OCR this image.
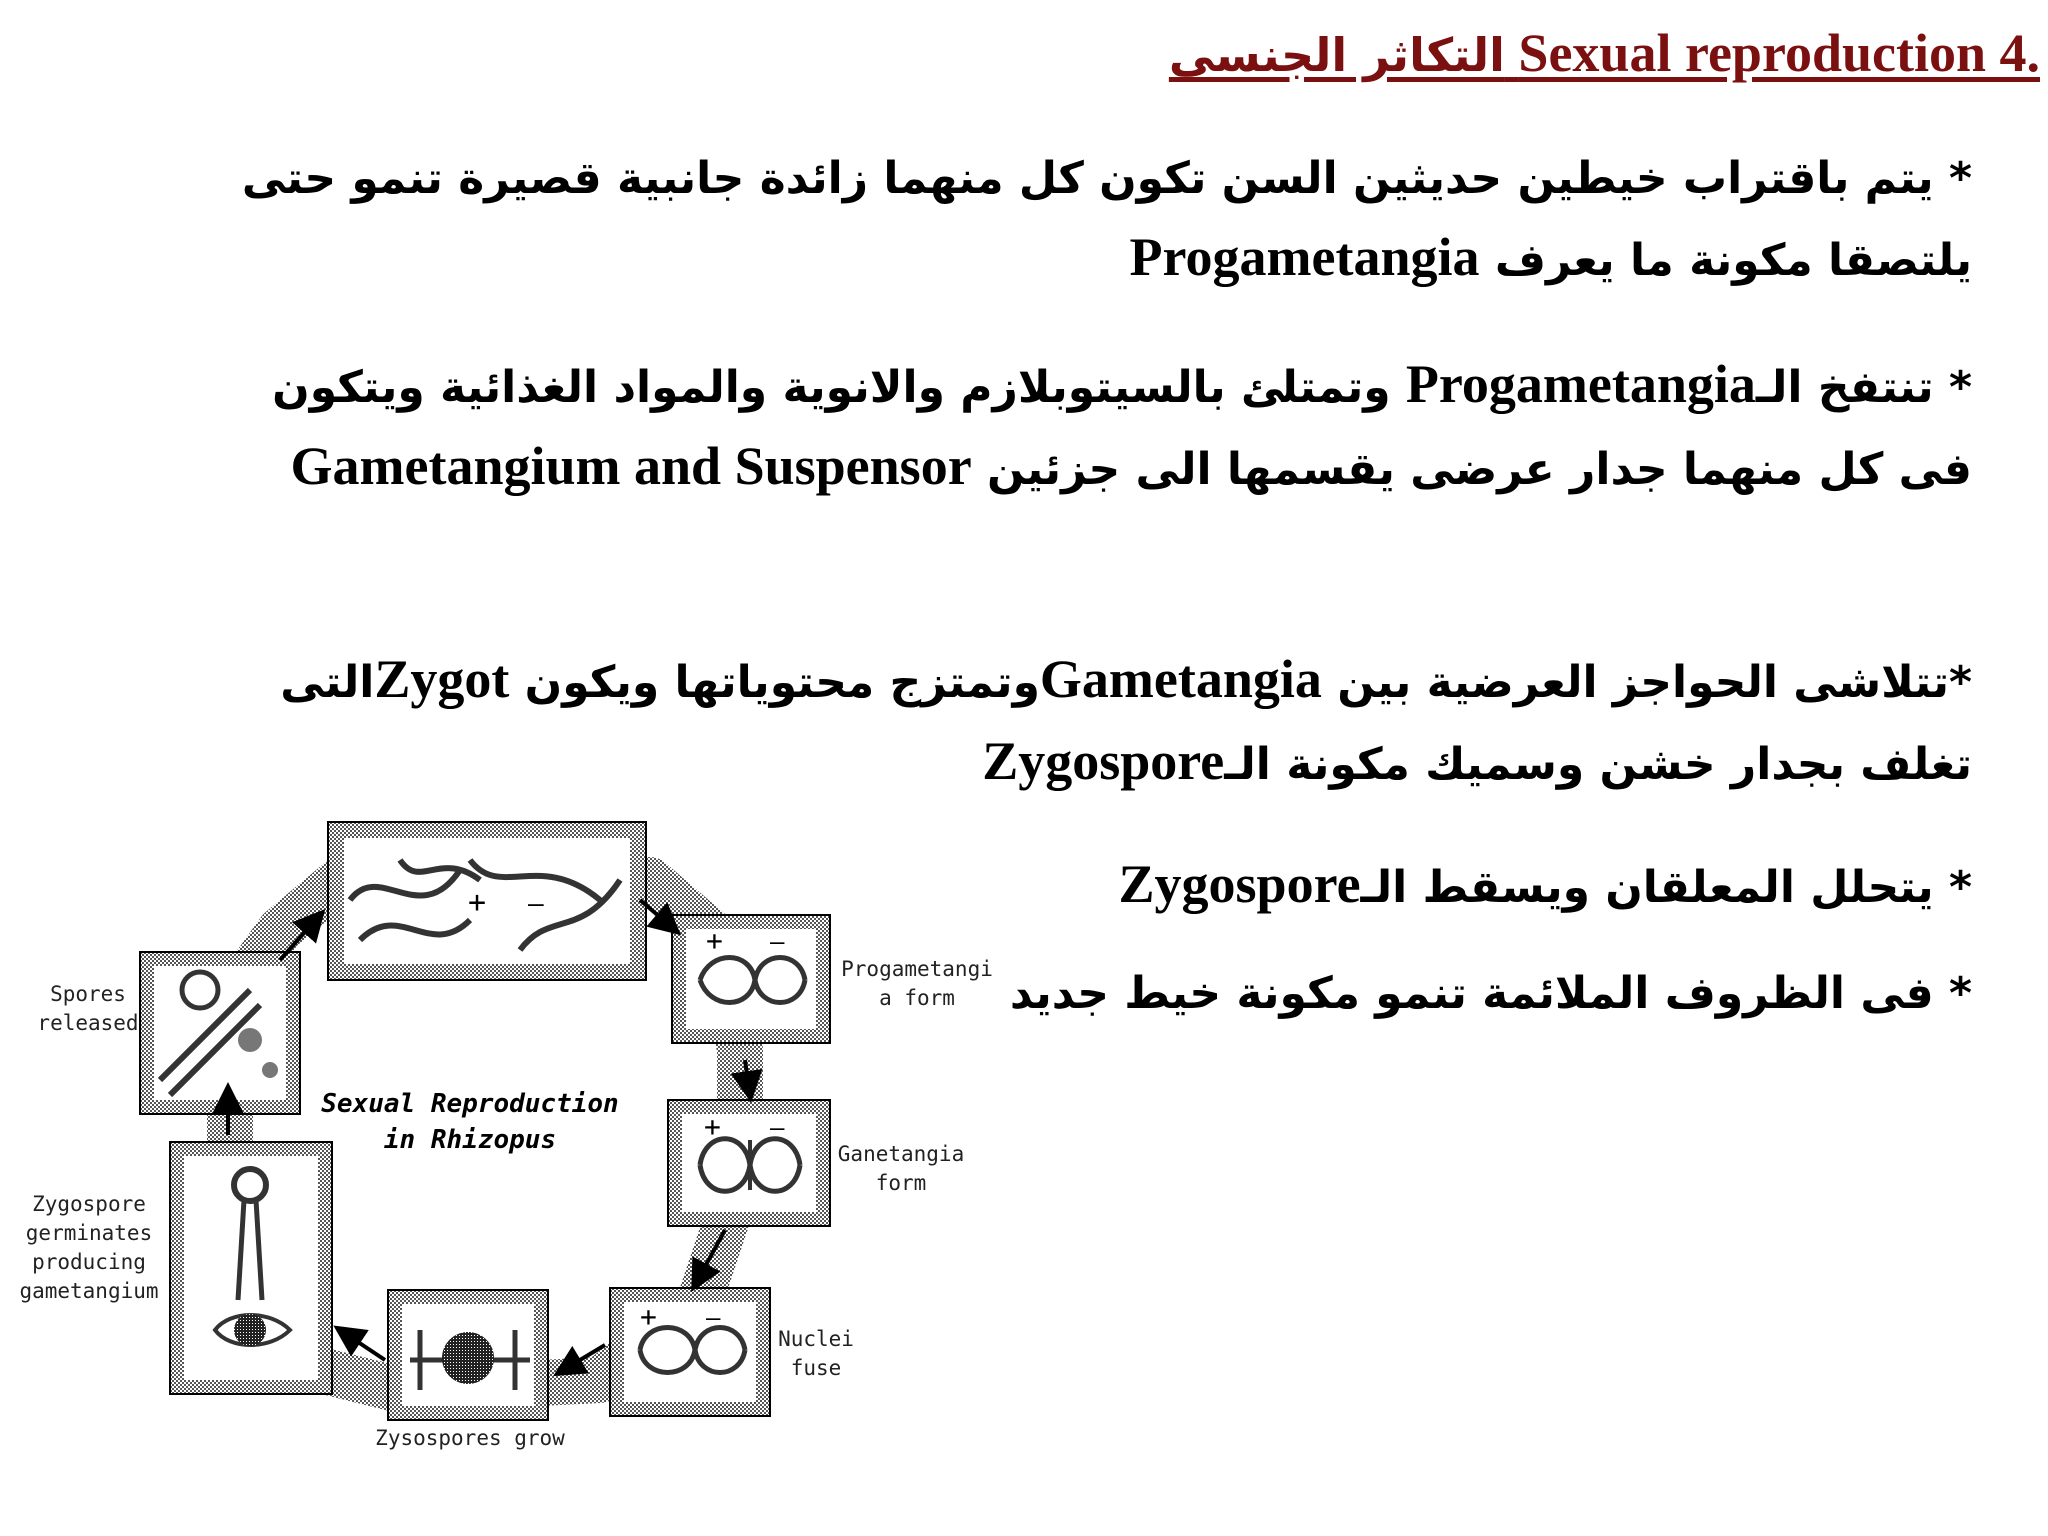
التكاثر الجنسى Sexual reproduction 4.
* يتم باقتراب خيطين حديثين السن تكون كل منهما زائدة جانبية قصيرة تنمو حتى يلتصقا مكونة ما يعرف Progametangia
* تنتفخ الـProgametangia وتمتلئ بالسيتوبلازم والانوية والمواد الغذائية ويتكون فى كل منهما جدار عرضى يقسمها الى جزئين Gametangium and Suspensor
*تتلاشى الحواجز العرضية بين Gametangiaوتمتزج محتوياتها ويكون Zygotالتى تغلف بجدار خشن وسميك مكونة الـZygospore
* يتحلل المعلقان ويسقط الـZygospore
* فى الظروف الملائمة تنمو مكونة خيط جديد
+ –
+ –
+ –
+ –
Sexual Reproduction
in Rhizopus
Spores
released
Progametangi
a form
Ganetangia
form
Nuclei
fuse
Zygospore
germinates
producing
gametangium
Zysospores grow
